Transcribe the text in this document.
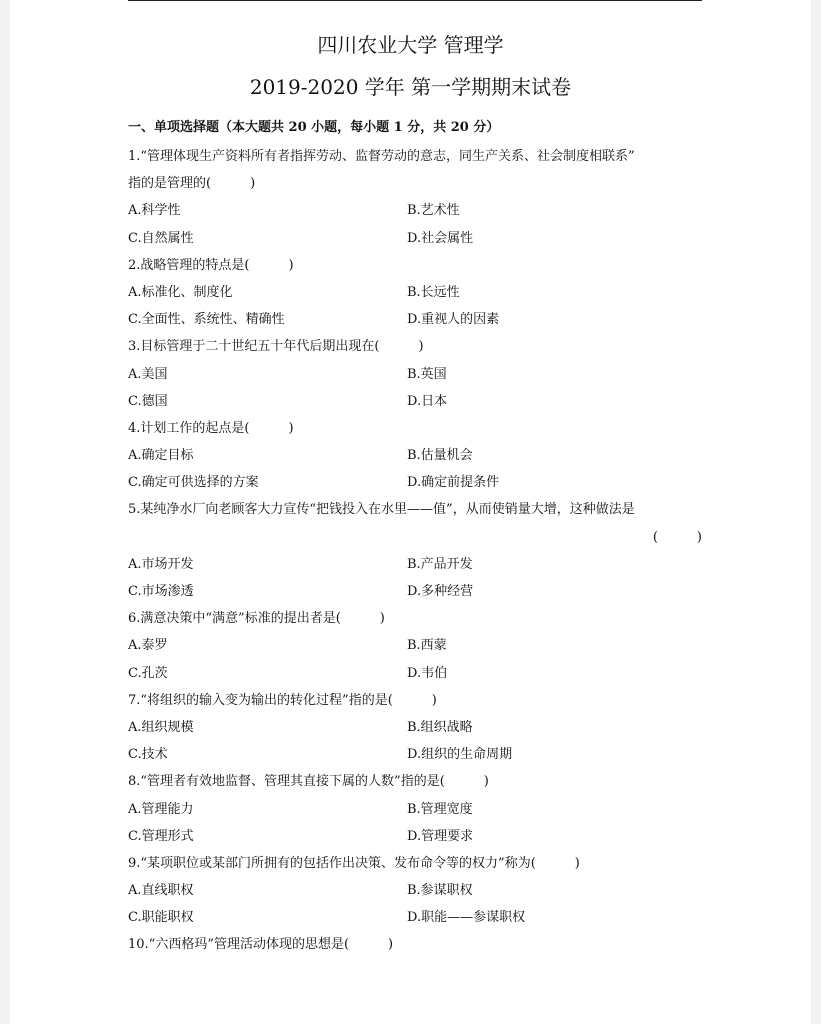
四川农业大学 管理学
2019-2020 学年 第一学期期末试卷
一、单项选择题（本大题共 20 小题，每小题 1 分，共 20 分）
1.“管理体现生产资料所有者指挥劳动、监督劳动的意志，同生产关系、社会制度相联系”
指的是管理的(　　　)
A.科学性	B.艺术性
C.自然属性	D.社会属性
2.战略管理的特点是(　　　)
A.标准化、制度化	B.长远性
C.全面性、系统性、精确性	D.重视人的因素
3.目标管理于二十世纪五十年代后期出现在(　　　)
A.美国	B.英国
C.德国	D.日本
4.计划工作的起点是(　　　)
A.确定目标	B.估量机会
C.确定可供选择的方案	D.确定前提条件
5.某纯净水厂向老顾客大力宣传“把钱投入在水里——值”，从而使销量大增，这种做法是
(　　　)
A.市场开发	B.产品开发
C.市场渗透	D.多种经营
6.满意决策中“满意”标准的提出者是(　　　)
A.泰罗	B.西蒙
C.孔茨	D.韦伯
7.“将组织的输入变为输出的转化过程”指的是(　　　)
A.组织规模	B.组织战略
C.技术	D.组织的生命周期
8.“管理者有效地监督、管理其直接下属的人数”指的是(　　　)
A.管理能力	B.管理宽度
C.管理形式	D.管理要求
9.“某项职位或某部门所拥有的包括作出决策、发布命令等的权力”称为(　　　)
A.直线职权	B.参谋职权
C.职能职权	D.职能——参谋职权
10.“六西格玛”管理活动体现的思想是(　　　)
